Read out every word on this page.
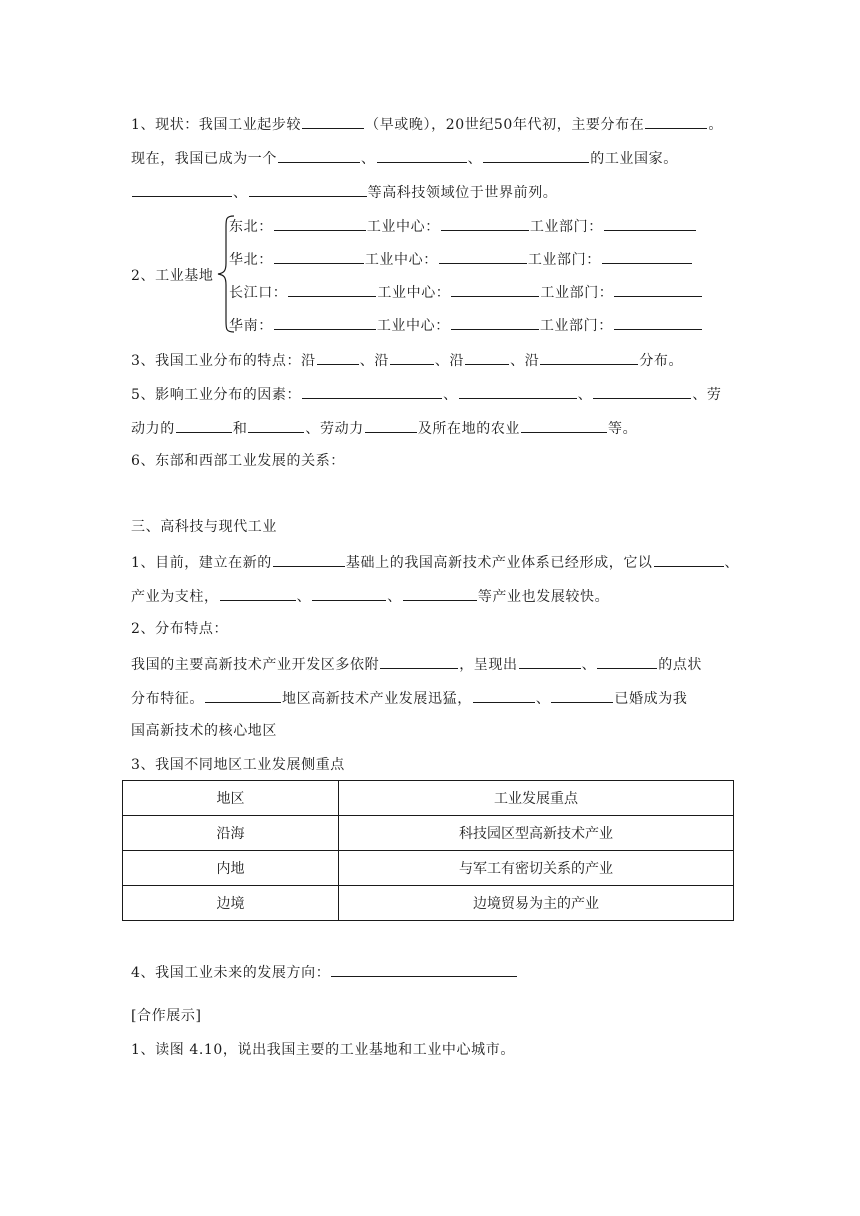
1、现状：我国工业起步较	（早或晚），20世纪50年代初，主要分布在	。
现在，我国已成为一个	、	、	的工业国家。
、	等高科技领域位于世界前列。
2、工业基地
东北：	工业中心：	工业部门：
华北：	工业中心：	工业部门：
长江口：	工业中心：	工业部门：
华南：	工业中心：	工业部门：
3、我国工业分布的特点：沿	、沿	、沿	、沿	分布。
5、影响工业分布的因素：	、	、	、劳
动力的	和	、劳动力	及所在地的农业	等。
6、东部和西部工业发展的关系：
三、高科技与现代工业
1、目前，建立在新的	基础上的我国高新技术产业体系已经形成，它以	、
产业为支柱，	、	、	等产业也发展较快。
2、分布特点：
我国的主要高新技术产业开发区多依附	，呈现出	、	的点状
分布特征。	地区高新技术产业发展迅猛，	、	已婚成为我
国高新技术的核心地区
3、我国不同地区工业发展侧重点
地区	工业发展重点
沿海	科技园区型高新技术产业
内地	与军工有密切关系的产业
边境	边境贸易为主的产业
4、我国工业未来的发展方向：
[合作展示]
1、读图 4.10，说出我国主要的工业基地和工业中心城市。
